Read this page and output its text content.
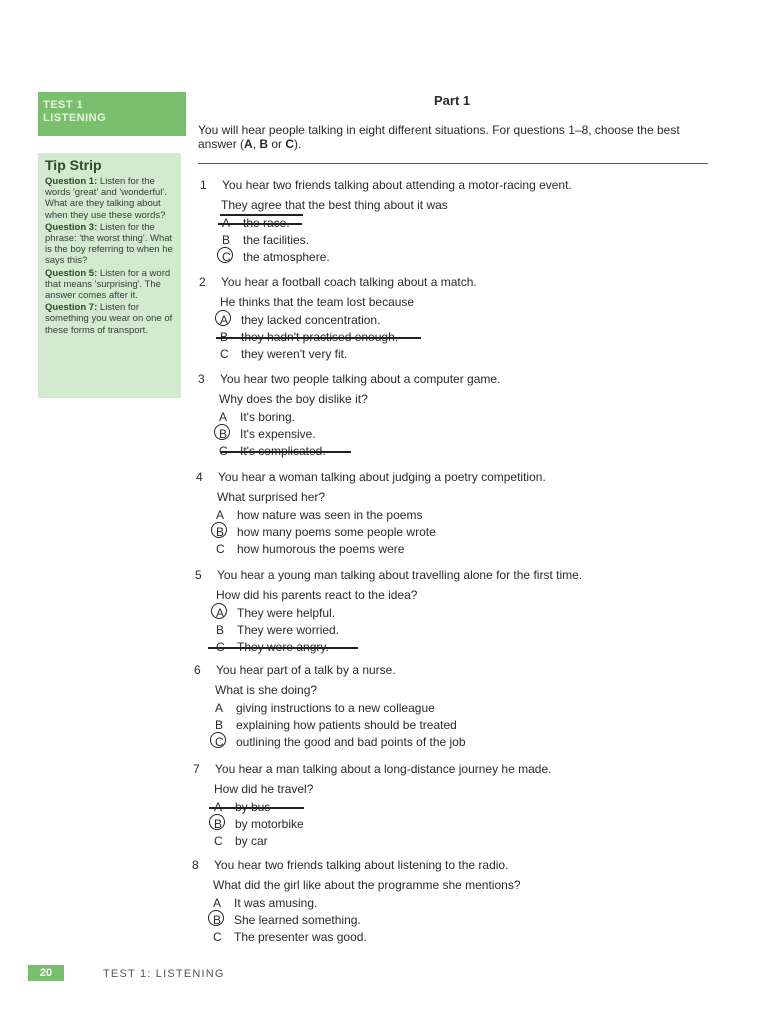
TEST 1
LISTENING
Tip Strip

Question 1: Listen for the words 'great' and 'wonderful'. What are they talking about when they use these words?

Question 3: Listen for the phrase: 'the worst thing'. What is the boy referring to when he says this?

Question 5: Listen for a word that means 'surprising'. The answer comes after it.

Question 7: Listen for something you wear on one of these forms of transport.

Part 1
You will hear people talking in eight different situations. For questions 1–8, choose the best answer (A, B or C).
1 You hear two friends talking about attending a motor-racing event.
They agree that the best thing about it was
A the race.
B the facilities.
C the atmosphere.
2 You hear a football coach talking about a match.
He thinks that the team lost because
A they lacked concentration.
B they hadn't practised enough.
C they weren't very fit.
3 You hear two people talking about a computer game.
Why does the boy dislike it?
A It's boring.
B It's expensive.
C It's complicated.
4 You hear a woman talking about judging a poetry competition.
What surprised her?
A how nature was seen in the poems
B how many poems some people wrote
C how humorous the poems were
5 You hear a young man talking about travelling alone for the first time.
How did his parents react to the idea?
A They were helpful.
B They were worried.
C They were angry.
6 You hear part of a talk by a nurse.
What is she doing?
A giving instructions to a new colleague
B explaining how patients should be treated
C outlining the good and bad points of the job
7 You hear a man talking about a long-distance journey he made.
How did he travel?
A by bus
B by motorbike
C by car
8 You hear two friends talking about listening to the radio.
What did the girl like about the programme she mentions?
A It was amusing.
B She learned something.
C The presenter was good.
20	TEST 1: LISTENING
